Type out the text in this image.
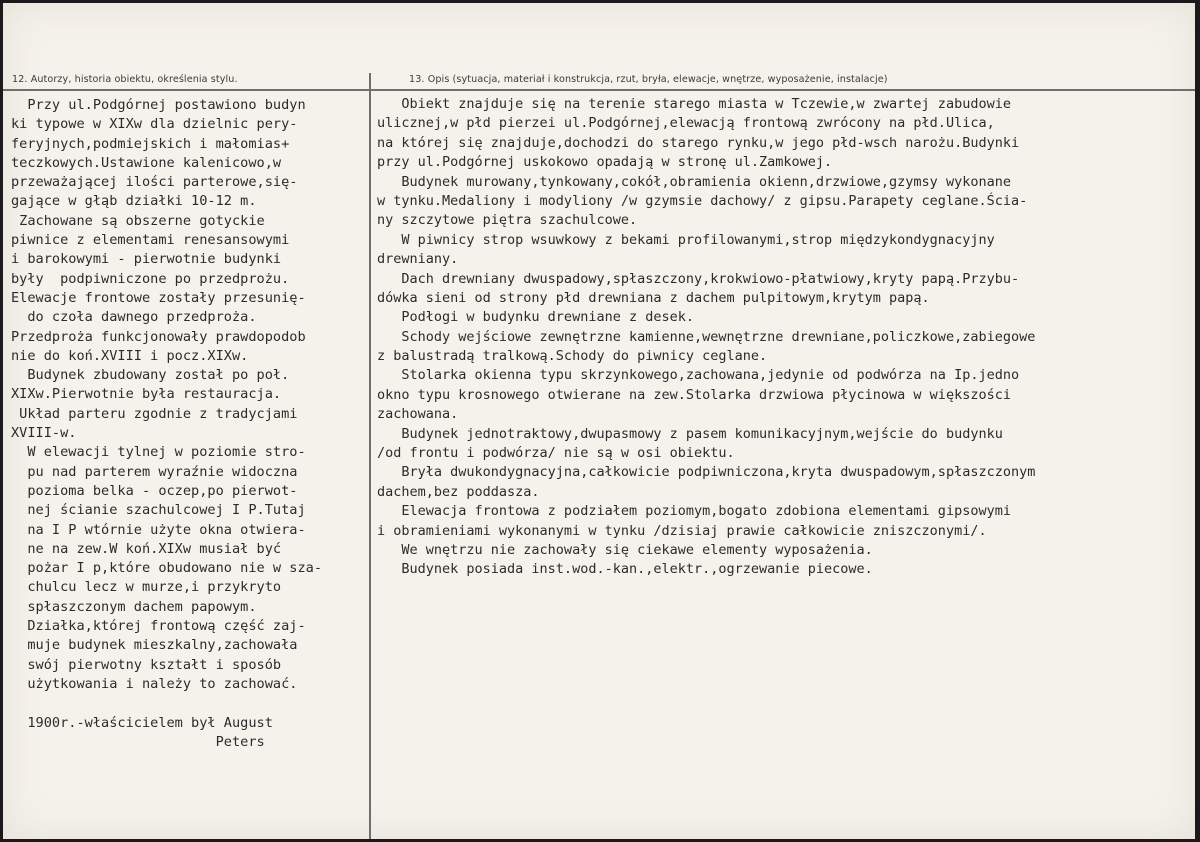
12. Autorzy, historia obiektu, określenia stylu.	13. Opis (sytuacja, materiał i konstrukcja, rzut, bryła, elewacje, wnętrze, wyposażenie, instalacje)
Przy ul.Podgórnej postawiono budyn
ki typowe w XIXw dla dzielnic pery-
feryjnych,podmiejskich i małomias+
teczkowych.Ustawione kalenicowo,w
przeważającej ilości parterowe,się-
gające w głąb działki 10-12 m.
Zachowane są obszerne gotyckie
piwnice z elementami renesansowymi
i barokowymi - pierwotnie budynki
były  podpiwniczone po przedprożu.
Elewacje frontowe zostały przesunię-
do czoła dawnego przedproża.
Przedproża funkcjonowały prawdopodob
nie do koń.XVIII i pocz.XIXw.
Budynek zbudowany został po poł.
XIXw.Pierwotnie była restauracja.
Układ parteru zgodnie z tradycjami
XVIII-w.
W elewacji tylnej w poziomie stro-
pu nad parterem wyraźnie widoczna
pozioma belka - oczep,po pierwot-
nej ścianie szachulcowej I P.Tutaj
na I P wtórnie użyte okna otwiera-
ne na zew.W koń.XIXw musiał być
pożar I p,które obudowano nie w sza-
chulcu lecz w murze,i przykryto
spłaszczonym dachem papowym.
Działka,której frontową część zaj-
muje budynek mieszkalny,zachowała
swój pierwotny kształt i sposób
użytkowania i należy to zachować.
1900r.-właścicielem był August
Peters
Obiekt znajduje się na terenie starego miasta w Tczewie,w zwartej zabudowie
ulicznej,w płd pierzei ul.Podgórnej,elewacją frontową zwrócony na płd.Ulica,
na której się znajduje,dochodzi do starego rynku,w jego płd-wsch narożu.Budynki
przy ul.Podgórnej uskokowo opadają w stronę ul.Zamkowej.
Budynek murowany,tynkowany,cokół,obramienia okienn,drzwiowe,gzymsy wykonane
w tynku.Medaliony i modyliony /w gzymsie dachowy/ z gipsu.Parapety ceglane.Ścia-
ny szczytowe piętra szachulcowe.
W piwnicy strop wsuwkowy z bekami profilowanymi,strop międzykondygnacyjny
drewniany.
Dach drewniany dwuspadowy,spłaszczony,krokwiowo-płatwiowy,kryty papą.Przybu-
dówka sieni od strony płd drewniana z dachem pulpitowym,krytym papą.
Podłogi w budynku drewniane z desek.
Schody wejściowe zewnętrzne kamienne,wewnętrzne drewniane,policzkowe,zabiegowe
z balustradą tralkową.Schody do piwnicy ceglane.
Stolarka okienna typu skrzynkowego,zachowana,jedynie od podwórza na Ip.jedno
okno typu krosnowego otwierane na zew.Stolarka drzwiowa płycinowa w większości
zachowana.
Budynek jednotraktowy,dwupasmowy z pasem komunikacyjnym,wejście do budynku
/od frontu i podwórza/ nie są w osi obiektu.
Bryła dwukondygnacyjna,całkowicie podpiwniczona,kryta dwuspadowym,spłaszczonym
dachem,bez poddasza.
Elewacja frontowa z podziałem poziomym,bogato zdobiona elementami gipsowymi
i obramieniami wykonanymi w tynku /dzisiaj prawie całkowicie zniszczonymi/.
We wnętrzu nie zachowały się ciekawe elementy wyposażenia.
Budynek posiada inst.wod.-kan.,elektr.,ogrzewanie piecowe.
